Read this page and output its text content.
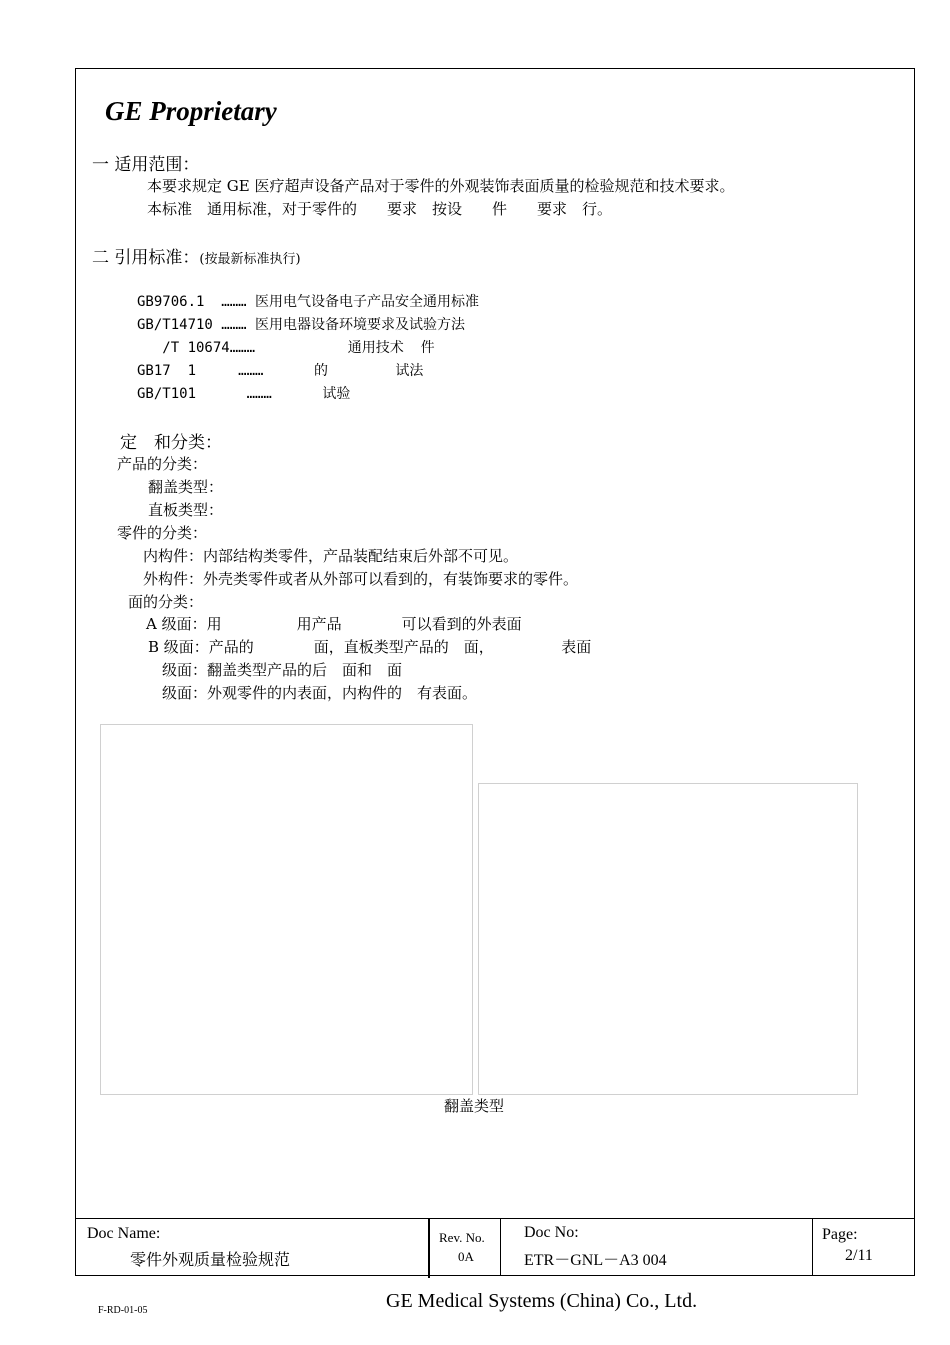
GE Proprietary
一 适用范围：
本要求规定 GE 医疗超声设备产品对于零件的外观装饰表面质量的检验规范和技术要求。
本标准　通用标准，对于零件的　　要求　按设　　件　　要求　行。
二 引用标准：(按最新标准执行)
GB9706.1  ……… 医用电气设备电子产品安全通用标准
GB/T14710 ……… 医用电器设备环境要求及试验方法
/T 10674………           通用技术  件
GB17  1     ………      的        试法
GB/T101      ………      试验
定　和分类：
产品的分类：
翻盖类型：
直板类型：
零件的分类：
内构件：内部结构类零件，产品装配结束后外部不可见。
外构件：外壳类零件或者从外部可以看到的，有装饰要求的零件。
面的分类：
A 级面：用　　　　　用产品　　　　可以看到的外表面
B 级面：产品的　　　　面，直板类型产品的　面，　　　　　表面
级面：翻盖类型产品的后　面和　面
级面：外观零件的内表面，内构件的　有表面。
翻盖类型
Doc Name:
零件外观质量检验规范
Rev. No.
0A
Doc No:
ETR－GNL－A3 004
Page:
2/11
F-RD-01-05	GE Medical Systems (China) Co., Ltd.
